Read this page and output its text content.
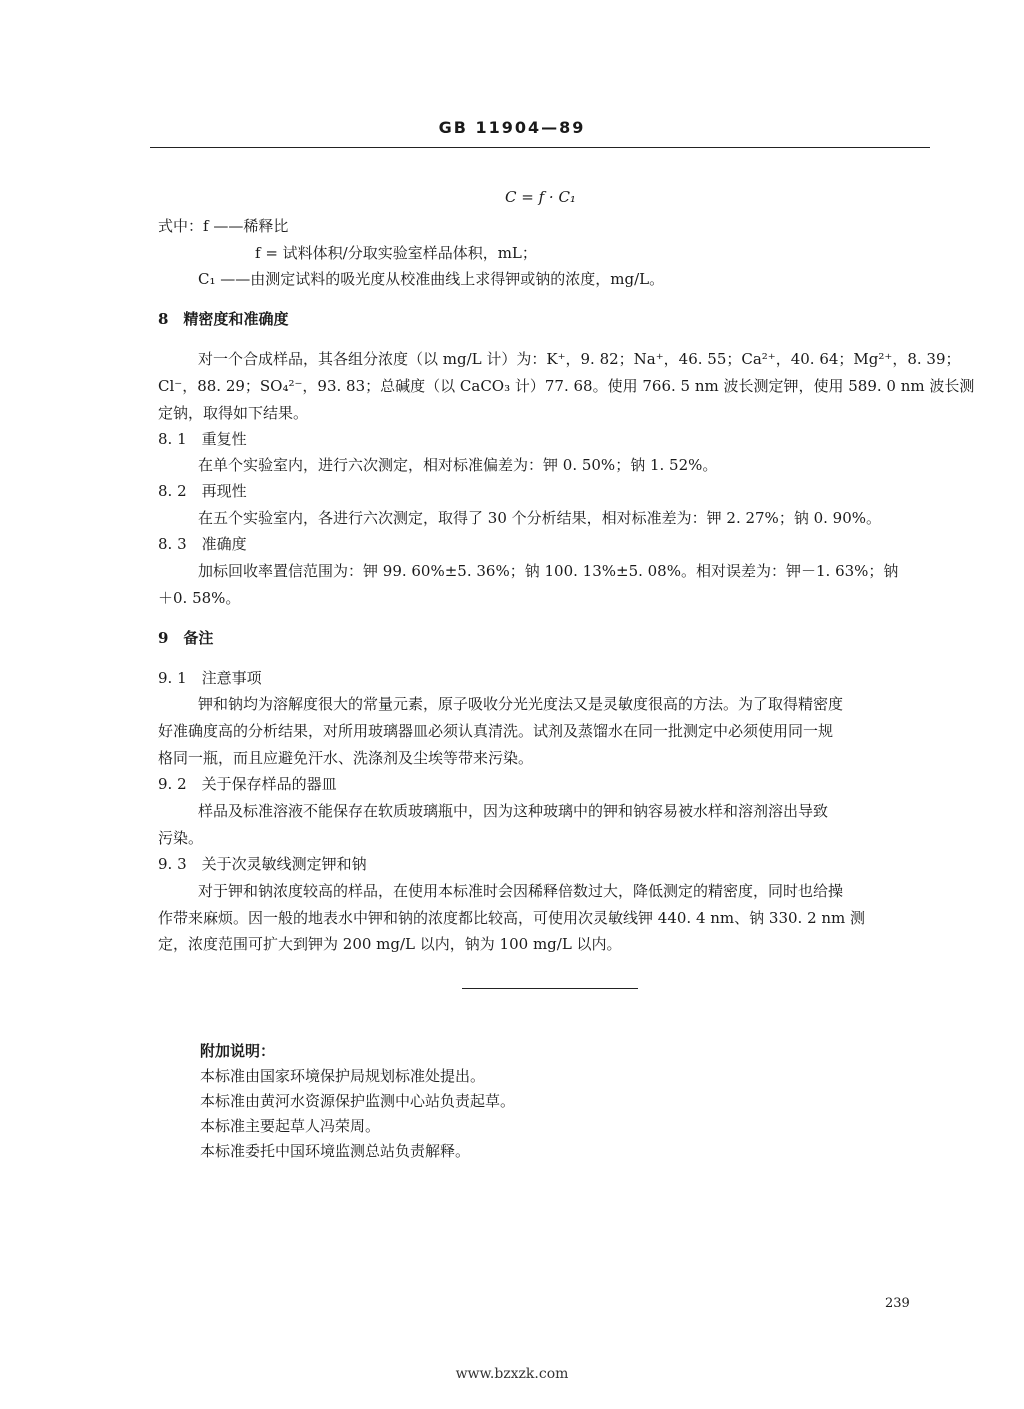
GB 11904—89
C = f · C₁
式中：f ——稀释比
f = 试料体积/分取实验室样品体积，mL；
C₁ ——由测定试料的吸光度从校准曲线上求得钾或钠的浓度，mg/L。
8　精密度和准确度
对一个合成样品，其各组分浓度（以 mg/L 计）为：K⁺，9. 82；Na⁺，46. 55；Ca²⁺，40. 64；Mg²⁺，8. 39；
Cl⁻，88. 29；SO₄²⁻，93. 83；总碱度（以 CaCO₃ 计）77. 68。使用 766. 5 nm 波长测定钾，使用 589. 0 nm 波长测
定钠，取得如下结果。
8. 1　重复性
在单个实验室内，进行六次测定，相对标准偏差为：钾 0. 50%；钠 1. 52%。
8. 2　再现性
在五个实验室内，各进行六次测定，取得了 30 个分析结果，相对标准差为：钾 2. 27%；钠 0. 90%。
8. 3　准确度
加标回收率置信范围为：钾 99. 60%±5. 36%；钠 100. 13%±5. 08%。相对误差为：钾－1. 63%；钠
＋0. 58%。
9　备注
9. 1　注意事项
钾和钠均为溶解度很大的常量元素，原子吸收分光光度法又是灵敏度很高的方法。为了取得精密度
好准确度高的分析结果，对所用玻璃器皿必须认真清洗。试剂及蒸馏水在同一批测定中必须使用同一规
格同一瓶，而且应避免汗水、洗涤剂及尘埃等带来污染。
9. 2　关于保存样品的器皿
样品及标准溶液不能保存在软质玻璃瓶中，因为这种玻璃中的钾和钠容易被水样和溶剂溶出导致
污染。
9. 3　关于次灵敏线测定钾和钠
对于钾和钠浓度较高的样品，在使用本标准时会因稀释倍数过大，降低测定的精密度，同时也给操
作带来麻烦。因一般的地表水中钾和钠的浓度都比较高，可使用次灵敏线钾 440. 4 nm、钠 330. 2 nm 测
定，浓度范围可扩大到钾为 200 mg/L 以内，钠为 100 mg/L 以内。
附加说明：
本标准由国家环境保护局规划标准处提出。
本标准由黄河水资源保护监测中心站负责起草。
本标准主要起草人冯荣周。
本标准委托中国环境监测总站负责解释。
239
www.bzxzk.com
